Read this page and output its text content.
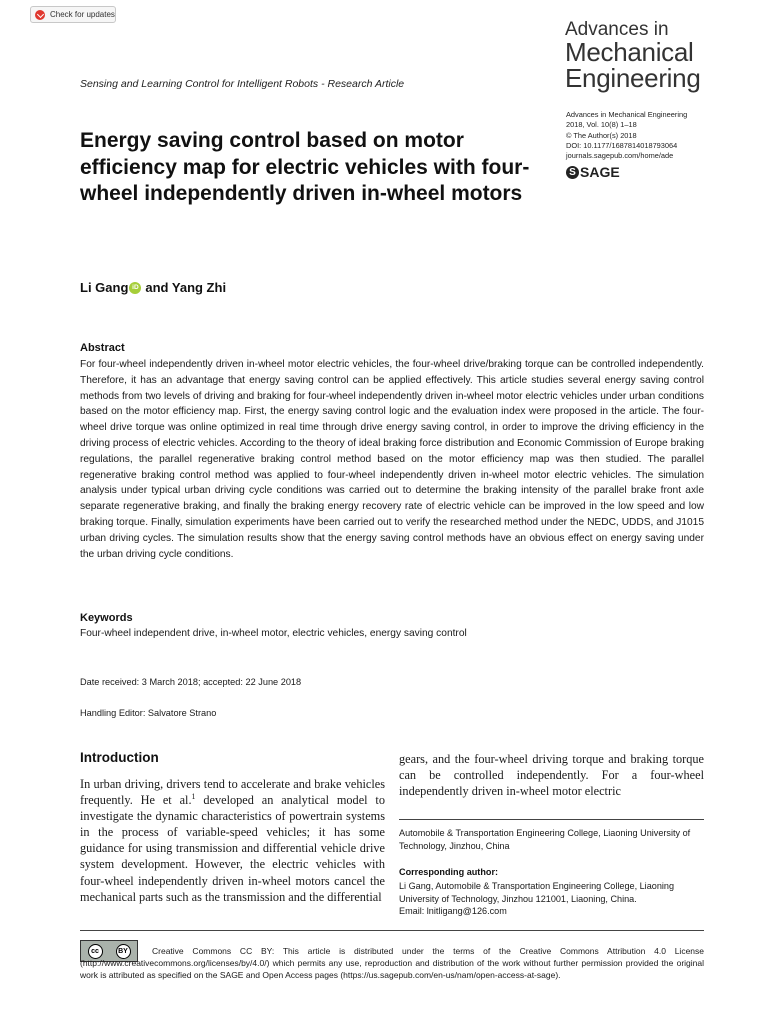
Check for updates
Advances in
Mechanical
Engineering
Sensing and Learning Control for Intelligent Robots - Research Article
Advances in Mechanical Engineering
2018, Vol. 10(8) 1–18
© The Author(s) 2018
DOI: 10.1177/1687814018793064
journals.sagepub.com/home/ade
S SAGE
Energy saving control based on motor efficiency map for electric vehicles with four-wheel independently driven in-wheel motors
Li Gang iD and Yang Zhi
Abstract
For four-wheel independently driven in-wheel motor electric vehicles, the four-wheel drive/braking torque can be controlled independently. Therefore, it has an advantage that energy saving control can be applied effectively. This article studies several energy saving control methods from two levels of driving and braking for four-wheel independently driven in-wheel motor electric vehicles under urban conditions based on the motor efficiency map. First, the energy saving control logic and the evaluation index were proposed in the article. The four-wheel drive torque was online optimized in real time through drive energy saving control, in order to improve the driving efficiency in the driving process of electric vehicles. According to the theory of ideal braking force distribution and Economic Commission of Europe braking regulations, the parallel regenerative braking control method based on the motor efficiency map was then studied. The parallel regenerative braking control method was applied to four-wheel independently driven in-wheel motor electric vehicles. The simulation analysis under typical urban driving cycle conditions was carried out to determine the braking intensity of the parallel brake front axle separate regenerative braking, and finally the braking energy recovery rate of electric vehicle can be improved in the low speed and low braking torque. Finally, simulation experiments have been carried out to verify the researched method under the NEDC, UDDS, and J1015 urban driving cycles. The simulation results show that the energy saving control methods have an obvious effect on energy saving under the urban driving cycle conditions.
Keywords
Four-wheel independent drive, in-wheel motor, electric vehicles, energy saving control
Date received: 3 March 2018; accepted: 22 June 2018
Handling Editor: Salvatore Strano
Introduction
In urban driving, drivers tend to accelerate and brake vehicles frequently. He et al.$^1$ developed an analytical model to investigate the dynamic characteristics of powertrain systems in the process of variable-speed vehicles; it has some guidance for using transmission and differential vehicle drive system development. However, the electric vehicles with four-wheel independently driven in-wheel motors cancel the mechanical parts such as the transmission and the differential
gears, and the four-wheel driving torque and braking torque can be controlled independently. For a four-wheel independently driven in-wheel motor electric
Automobile & Transportation Engineering College, Liaoning University of Technology, Jinzhou, China
Corresponding author:
Li Gang, Automobile & Transportation Engineering College, Liaoning University of Technology, Jinzhou 121001, Liaoning, China.
Email: lnitligang@126.com
cc	BY	Creative Commons CC BY: This article is distributed under the terms of the Creative Commons Attribution 4.0 License (http://www.creativecommons.org/licenses/by/4.0/) which permits any use, reproduction and distribution of the work without further permission provided the original work is attributed as specified on the SAGE and Open Access pages (https://us.sagepub.com/en-us/nam/open-access-at-sage).
